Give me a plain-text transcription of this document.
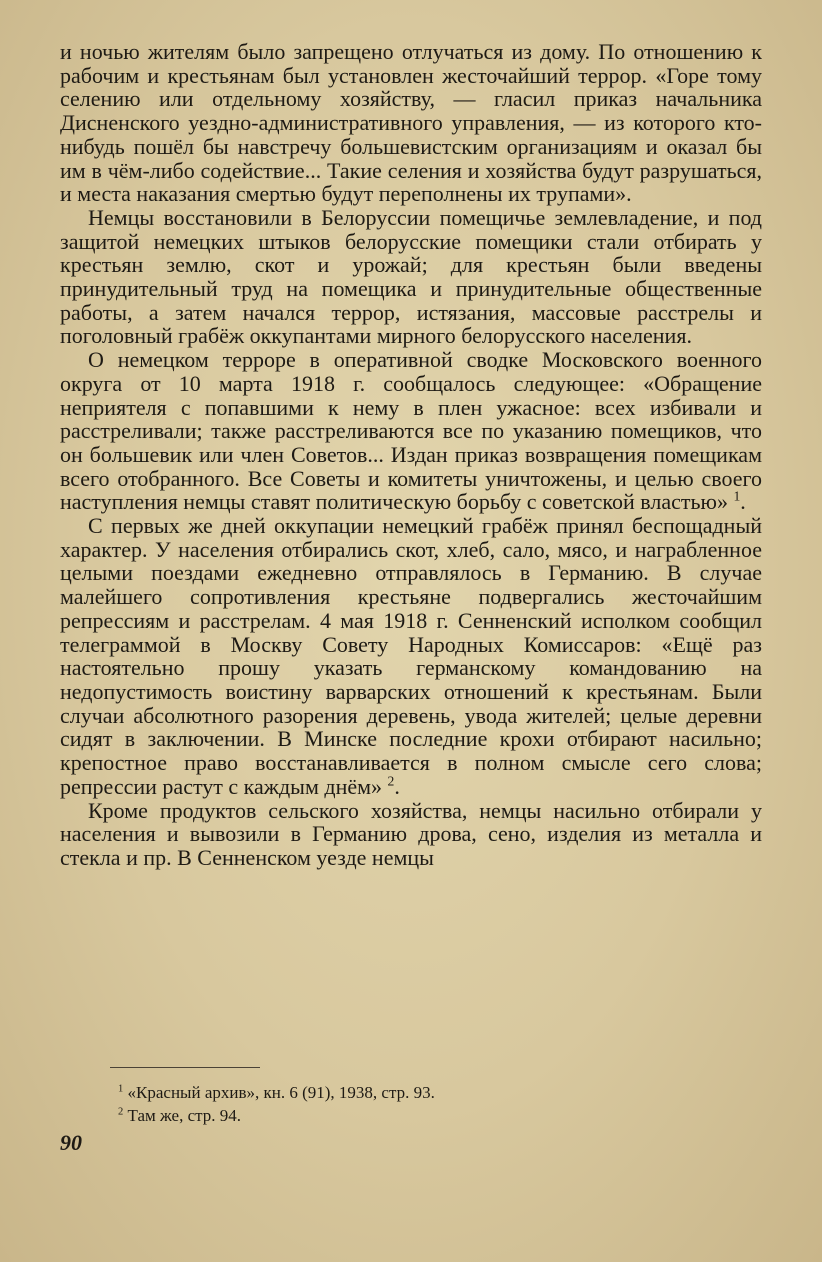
и ночью жителям было запрещено отлучаться из дому. По отношению к рабочим и крестьянам был установлен жесточайший террор. «Горе тому селению или отдельному хозяйству, — гласил приказ начальника Дисненского уездно-административного управления, — из которого кто-нибудь пошёл бы навстречу большевистским организациям и оказал бы им в чём-либо содействие... Такие селения и хозяйства будут разрушаться, и места наказания смертью будут переполнены их трупами».

Немцы восстановили в Белоруссии помещичье землевладение, и под защитой немецких штыков белорусские помещики стали отбирать у крестьян землю, скот и урожай; для крестьян были введены принудительный труд на помещика и принудительные общественные работы, а затем начался террор, истязания, массовые расстрелы и поголовный грабёж оккупантами мирного белорусского населения.

О немецком терроре в оперативной сводке Московского военного округа от 10 марта 1918 г. сообщалось следующее: «Обращение неприятеля с попавшими к нему в плен ужасное: всех избивали и расстреливали; также расстреливаются все по указанию помещиков, что он большевик или член Советов... Издан приказ возвращения помещикам всего отобранного. Все Советы и комитеты уничтожены, и целью своего наступления немцы ставят политическую борьбу с советской властью» $^1$.

С первых же дней оккупации немецкий грабёж принял беспощадный характер. У населения отбирались скот, хлеб, сало, мясо, и награбленное целыми поездами ежедневно отправлялось в Германию. В случае малейшего сопротивления крестьяне подвергались жесточайшим репрессиям и расстрелам. 4 мая 1918 г. Сенненский исполком сообщил телеграммой в Москву Совету Народных Комиссаров: «Ещё раз настоятельно прошу указать германскому командованию на недопустимость воистину варварских отношений к крестьянам. Были случаи абсолютного разорения деревень, увода жителей; целые деревни сидят в заключении. В Минске последние крохи отбирают насильно; крепостное право восстанавливается в полном смысле сего слова; репрессии растут с каждым днём» $^2$.

Кроме продуктов сельского хозяйства, немцы насильно отбирали у населения и вывозили в Германию дрова, сено, изделия из металла и стекла и пр. В Сенненском уезде немцы

$^1$ «Красный архив», кн. 6 (91), 1938, стр. 93.

$^2$ Там же, стр. 94.

90
